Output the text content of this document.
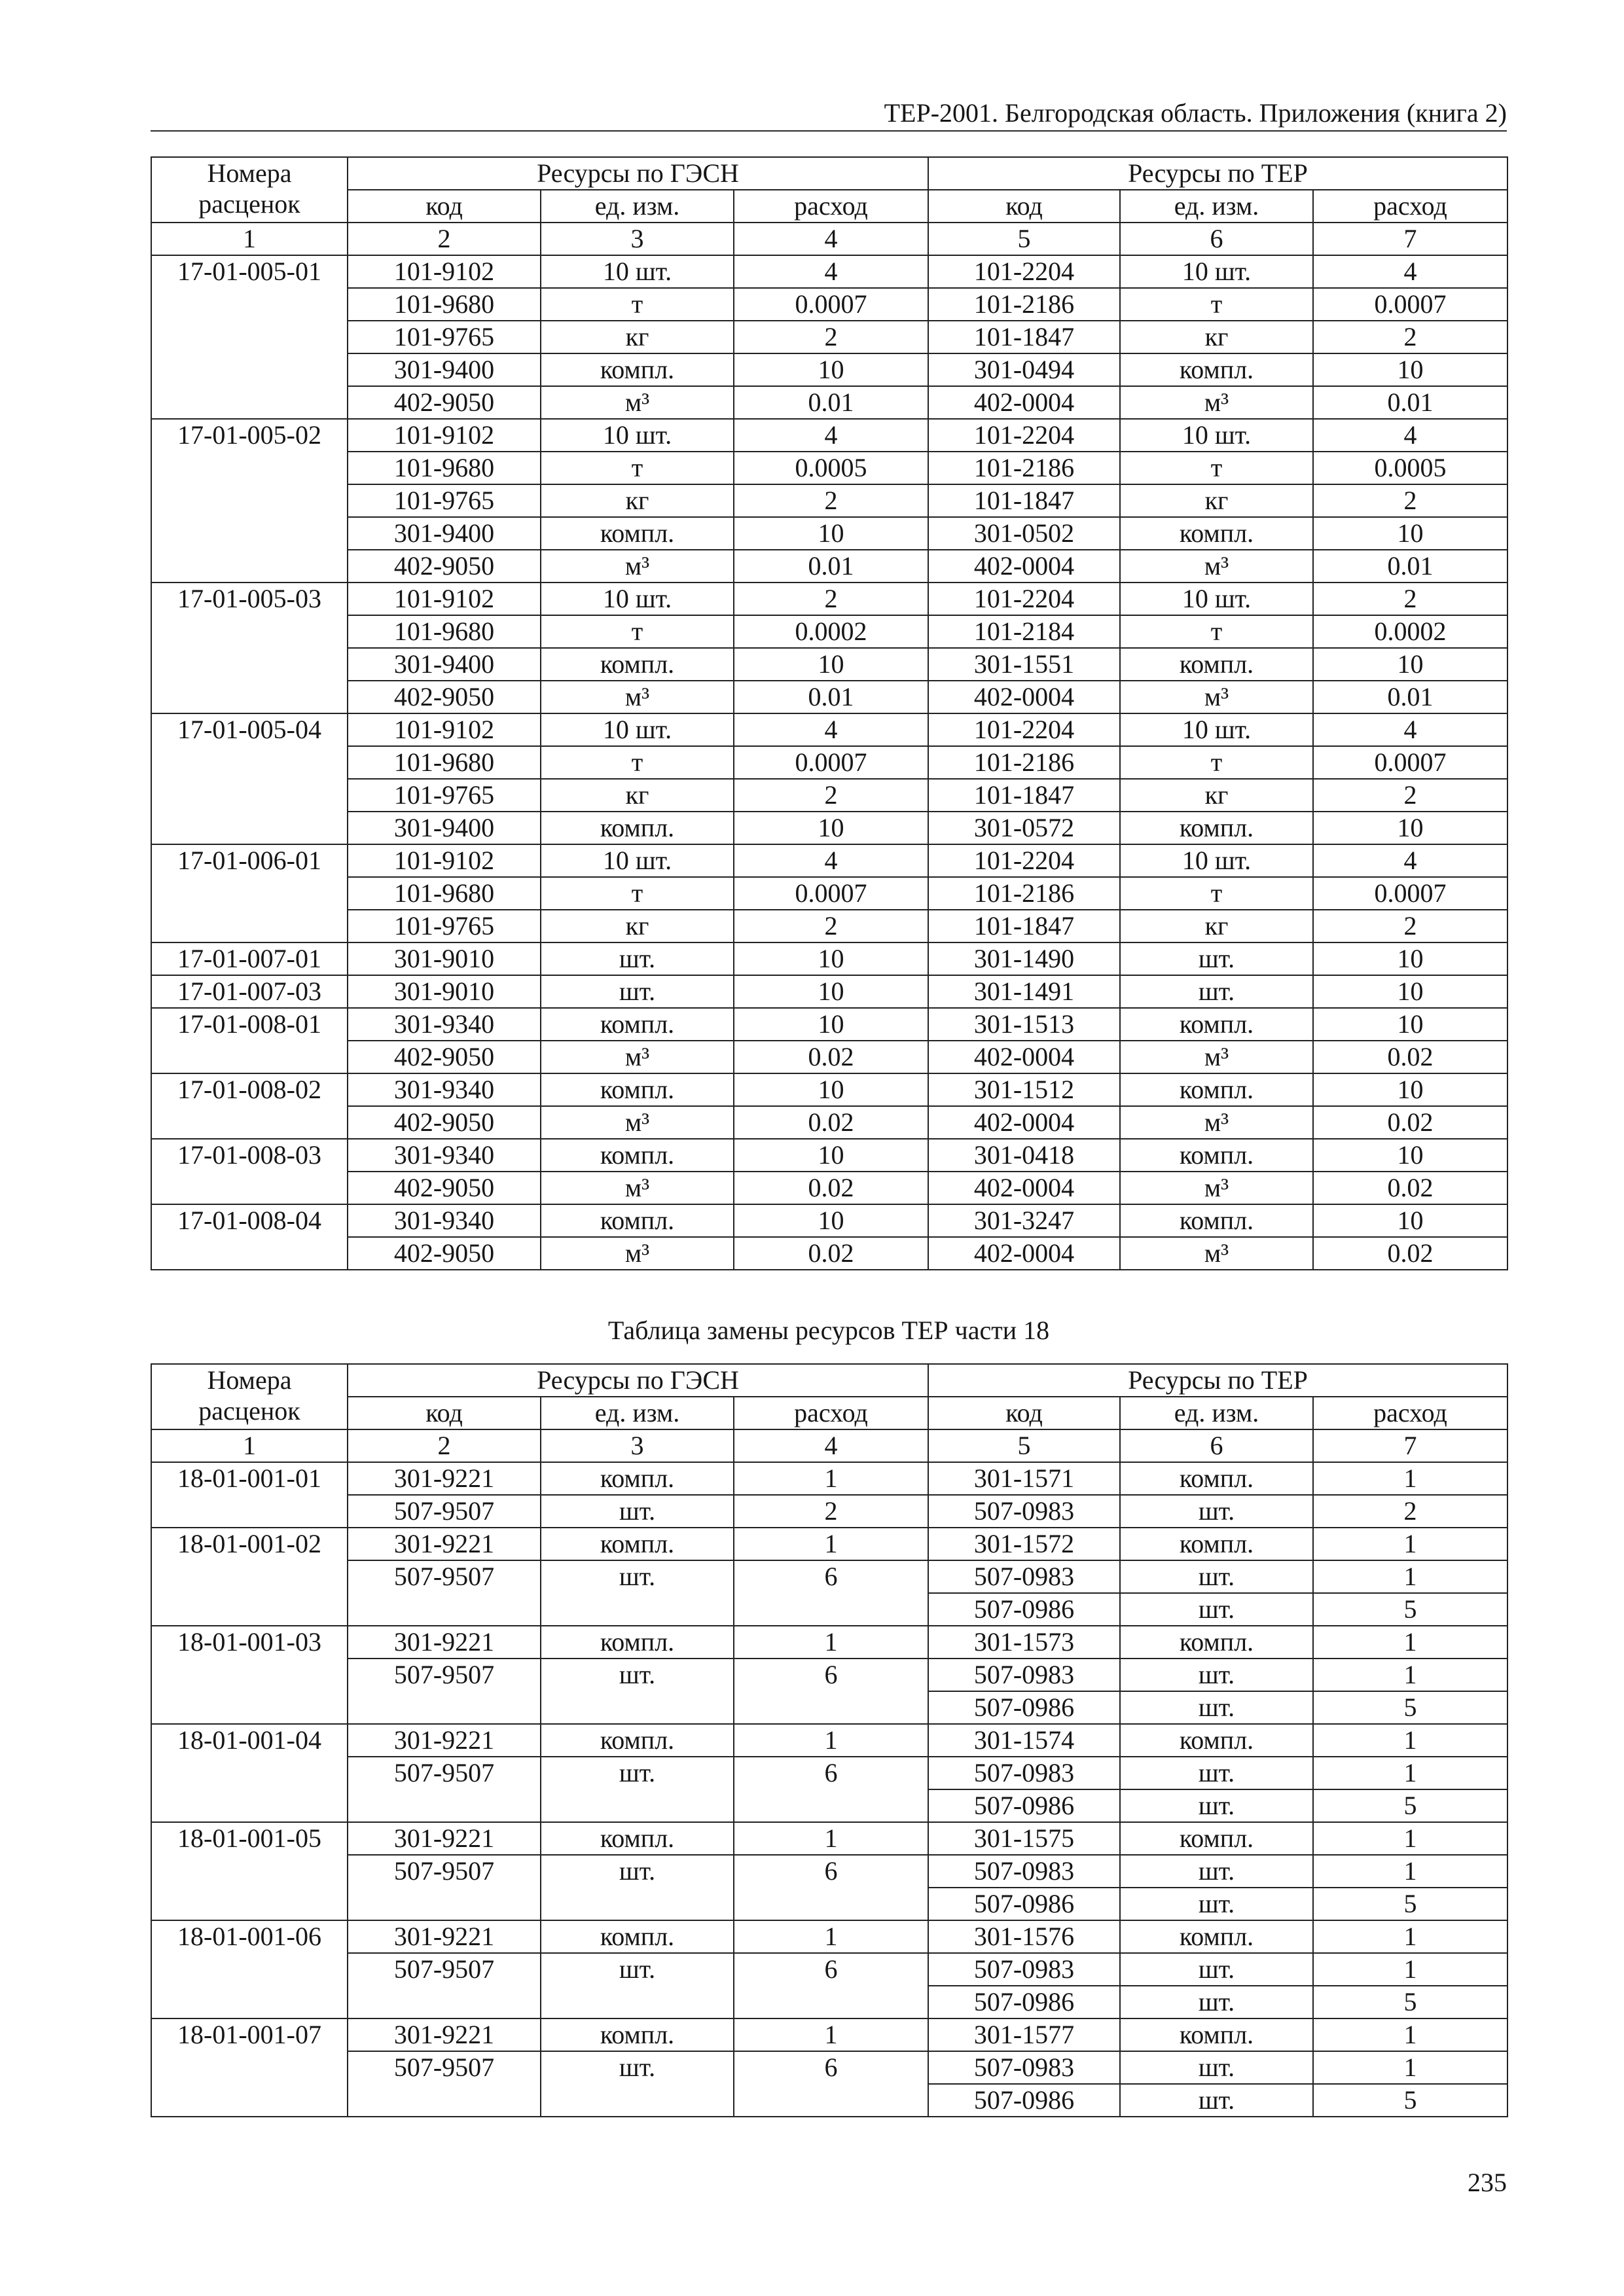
ТЕР-2001. Белгородская область. Приложения (книга 2)
Номера расценок	Ресурсы по ГЭСН			Ресурсы по ТЕР		
	код	ед. изм.	расход	код	ед. изм.	расход
1	2	3	4	5	6	7
17-01-005-01	101-9102	10 шт.	4	101-2204	10 шт.	4
	101-9680	т	0.0007	101-2186	т	0.0007
	101-9765	кг	2	101-1847	кг	2
	301-9400	компл.	10	301-0494	компл.	10
	402-9050	м³	0.01	402-0004	м³	0.01
17-01-005-02	101-9102	10 шт.	4	101-2204	10 шт.	4
	101-9680	т	0.0005	101-2186	т	0.0005
	101-9765	кг	2	101-1847	кг	2
	301-9400	компл.	10	301-0502	компл.	10
	402-9050	м³	0.01	402-0004	м³	0.01
17-01-005-03	101-9102	10 шт.	2	101-2204	10 шт.	2
	101-9680	т	0.0002	101-2184	т	0.0002
	301-9400	компл.	10	301-1551	компл.	10
	402-9050	м³	0.01	402-0004	м³	0.01
17-01-005-04	101-9102	10 шт.	4	101-2204	10 шт.	4
	101-9680	т	0.0007	101-2186	т	0.0007
	101-9765	кг	2	101-1847	кг	2
	301-9400	компл.	10	301-0572	компл.	10
17-01-006-01	101-9102	10 шт.	4	101-2204	10 шт.	4
	101-9680	т	0.0007	101-2186	т	0.0007
	101-9765	кг	2	101-1847	кг	2
17-01-007-01	301-9010	шт.	10	301-1490	шт.	10
17-01-007-03	301-9010	шт.	10	301-1491	шт.	10
17-01-008-01	301-9340	компл.	10	301-1513	компл.	10
	402-9050	м³	0.02	402-0004	м³	0.02
17-01-008-02	301-9340	компл.	10	301-1512	компл.	10
	402-9050	м³	0.02	402-0004	м³	0.02
17-01-008-03	301-9340	компл.	10	301-0418	компл.	10
	402-9050	м³	0.02	402-0004	м³	0.02
17-01-008-04	301-9340	компл.	10	301-3247	компл.	10
	402-9050	м³	0.02	402-0004	м³	0.02
Таблица замены ресурсов ТЕР части 18
Номера расценок	Ресурсы по ГЭСН			Ресурсы по ТЕР		
	код	ед. изм.	расход	код	ед. изм.	расход
1	2	3	4	5	6	7
18-01-001-01	301-9221	компл.	1	301-1571	компл.	1
	507-9507	шт.	2	507-0983	шт.	2
18-01-001-02	301-9221	компл.	1	301-1572	компл.	1
	507-9507	шт.	6	507-0983	шт.	1
				507-0986	шт.	5
18-01-001-03	301-9221	компл.	1	301-1573	компл.	1
	507-9507	шт.	6	507-0983	шт.	1
				507-0986	шт.	5
18-01-001-04	301-9221	компл.	1	301-1574	компл.	1
	507-9507	шт.	6	507-0983	шт.	1
				507-0986	шт.	5
18-01-001-05	301-9221	компл.	1	301-1575	компл.	1
	507-9507	шт.	6	507-0983	шт.	1
				507-0986	шт.	5
18-01-001-06	301-9221	компл.	1	301-1576	компл.	1
	507-9507	шт.	6	507-0983	шт.	1
				507-0986	шт.	5
18-01-001-07	301-9221	компл.	1	301-1577	компл.	1
	507-9507	шт.	6	507-0983	шт.	1
				507-0986	шт.	5
235
